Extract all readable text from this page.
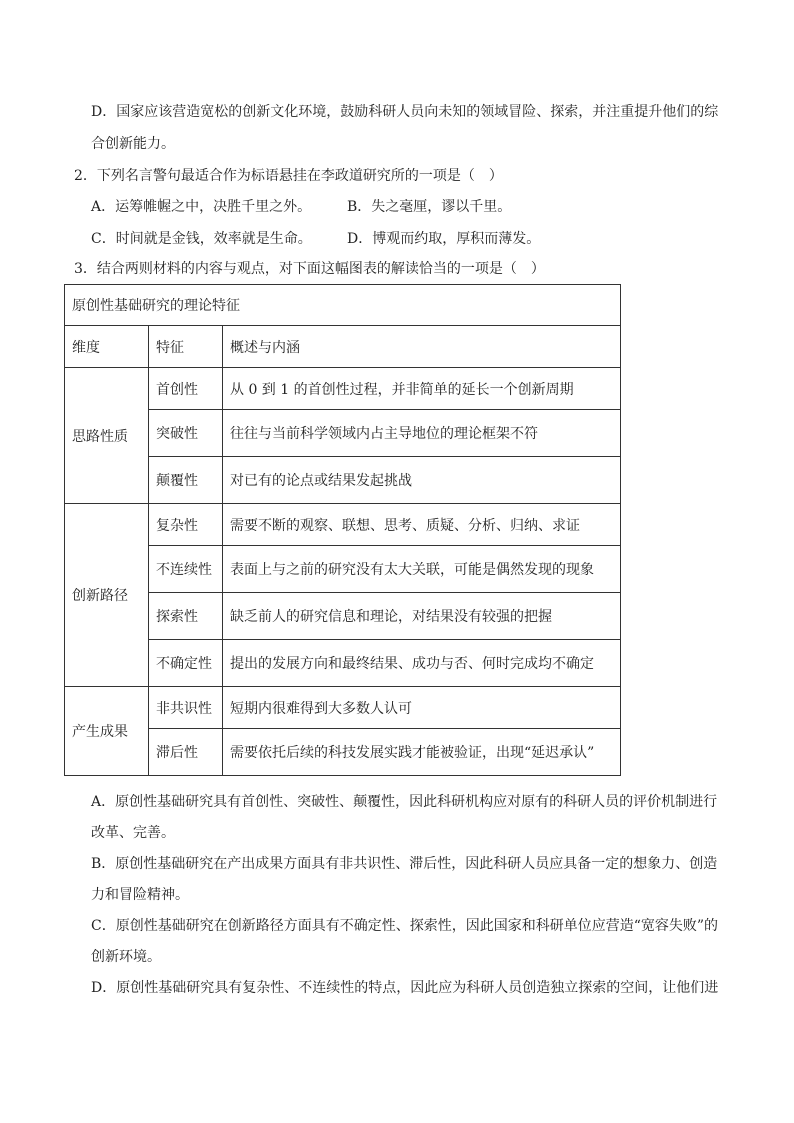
D．国家应该营造宽松的创新文化环境，鼓励科研人员向未知的领域冒险、探索，并注重提升他们的综
合创新能力。
2．下列名言警句最适合作为标语悬挂在李政道研究所的一项是（　）
A．运筹帷幄之中，决胜千里之外。	B．失之毫厘，谬以千里。
C．时间就是金钱，效率就是生命。	D．博观而约取，厚积而薄发。
3．结合两则材料的内容与观点，对下面这幅图表的解读恰当的一项是（　）
原创性基础研究的理论特征		
维度	特征	概述与内涵
思路性质	首创性	从 0 到 1 的首创性过程，并非简单的延长一个创新周期
	突破性	往往与当前科学领域内占主导地位的理论框架不符
	颠覆性	对已有的论点或结果发起挑战
创新路径	复杂性	需要不断的观察、联想、思考、质疑、分析、归纳、求证
	不连续性	表面上与之前的研究没有太大关联，可能是偶然发现的现象
	探索性	缺乏前人的研究信息和理论，对结果没有较强的把握
	不确定性	提出的发展方向和最终结果、成功与否、何时完成均不确定
产生成果	非共识性	短期内很难得到大多数人认可
	滞后性	需要依托后续的科技发展实践才能被验证，出现“延迟承认”
A．原创性基础研究具有首创性、突破性、颠覆性，因此科研机构应对原有的科研人员的评价机制进行
改革、完善。
B．原创性基础研究在产出成果方面具有非共识性、滞后性，因此科研人员应具备一定的想象力、创造
力和冒险精神。
C．原创性基础研究在创新路径方面具有不确定性、探索性，因此国家和科研单位应营造“宽容失败”的
创新环境。
D．原创性基础研究具有复杂性、不连续性的特点，因此应为科研人员创造独立探索的空间，让他们进
